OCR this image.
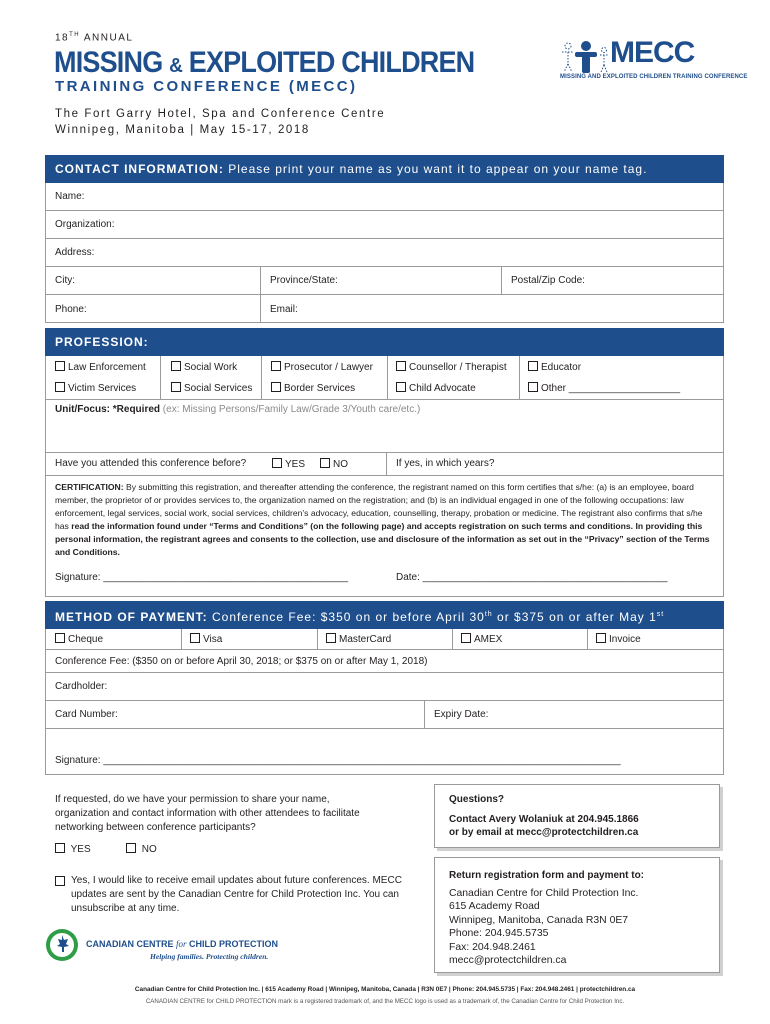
18TH ANNUAL
MISSING & EXPLOITED CHILDREN
TRAINING CONFERENCE (MECC)
The Fort Garry Hotel, Spa and Conference Centre
Winnipeg, Manitoba | May 15-17, 2018
MECC
MISSING AND EXPLOITED CHILDREN TRAINING CONFERENCE
CONTACT INFORMATION: Please print your name as you want it to appear on your name tag.
Name:
Organization:
Address:
City:	Province/State:	Postal/Zip Code:
Phone:	Email:
PROFESSION:
Law Enforcement	Social Work	Prosecutor / Lawyer	Counsellor / Therapist	Educator
Victim Services	Social Services	Border Services	Child Advocate	Other ____________________
Unit/Focus: *Required (ex: Missing Persons/Family Law/Grade 3/Youth care/etc.)
Have you attended this conference before?	YES	NO	If yes, in which years?
CERTIFICATION: By submitting this registration, and thereafter attending the conference, the registrant named on this form certifies that s/he: (a) is an employee, board member, the proprietor of or provides services to, the organization named on the registration; and (b) is an individual engaged in one of the following occupations: law enforcement, legal services, social work, social services, children’s advocacy, education, counselling, therapy, probation or medicine. The registrant also confirms that s/he has read the information found under “Terms and Conditions” (on the following page) and accepts registration on such terms and conditions. In providing this personal information, the registrant agrees and consents to the collection, use and disclosure of the information as set out in the “Privacy” section of the Terms and Conditions.
Signature: ____________________________________________	Date: ____________________________________________
METHOD OF PAYMENT: Conference Fee: $350 on or before April 30th or $375 on or after May 1st
Cheque	Visa	MasterCard	AMEX	Invoice
Conference Fee: ($350 on or before April 30, 2018; or $375 on or after May 1, 2018)
Cardholder:
Card Number:	Expiry Date:
Signature: _____________________________________________________________________________________________
If requested, do we have your permission to share your name, organization and contact information with other attendees to facilitate networking between conference participants?
YES	NO
Yes, I would like to receive email updates about future conferences. MECC updates are sent by the Canadian Centre for Child Protection Inc. You can unsubscribe at any time.
CANADIAN CENTRE for CHILD PROTECTION
Helping families. Protecting children.
Questions?
Contact Avery Wolaniuk at 204.945.1866
or by email at mecc@protectchildren.ca
Return registration form and payment to:
Canadian Centre for Child Protection Inc.
615 Academy Road
Winnipeg, Manitoba, Canada R3N 0E7
Phone: 204.945.5735
Fax: 204.948.2461
mecc@protectchildren.ca
Canadian Centre for Child Protection Inc. | 615 Academy Road | Winnipeg, Manitoba, Canada | R3N 0E7 | Phone: 204.945.5735 | Fax: 204.948.2461 | protectchildren.ca
CANADIAN CENTRE for CHILD PROTECTION mark is a registered trademark of, and the MECC logo is used as a trademark of, the Canadian Centre for Child Protection Inc.
